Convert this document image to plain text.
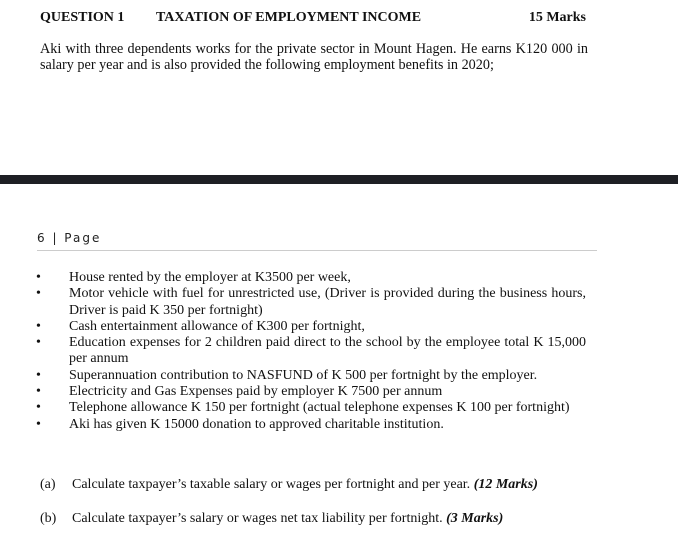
QUESTION 1 TAXATION OF EMPLOYMENT INCOME	15 Marks
Aki with three dependents works for the private sector in Mount Hagen. He earns K120 000 in salary per year and is also provided the following employment benefits in 2020;
6 | Page
• House rented by the employer at K3500 per week,
• Motor vehicle with fuel for unrestricted use, (Driver is provided during the business hours, Driver is paid K 350 per fortnight)
• Cash entertainment allowance of K300 per fortnight,
• Education expenses for 2 children paid direct to the school by the employee total K 15,000 per annum
• Superannuation contribution to NASFUND of K 500 per fortnight by the employer.
• Electricity and Gas Expenses paid by employer K 7500 per annum
• Telephone allowance K 150 per fortnight (actual telephone expenses K 100 per fortnight)
• Aki has given K 15000 donation to approved charitable institution.
(a) Calculate taxpayer’s taxable salary or wages per fortnight and per year. (12 Marks)
(b) Calculate taxpayer’s salary or wages net tax liability per fortnight. (3 Marks)
